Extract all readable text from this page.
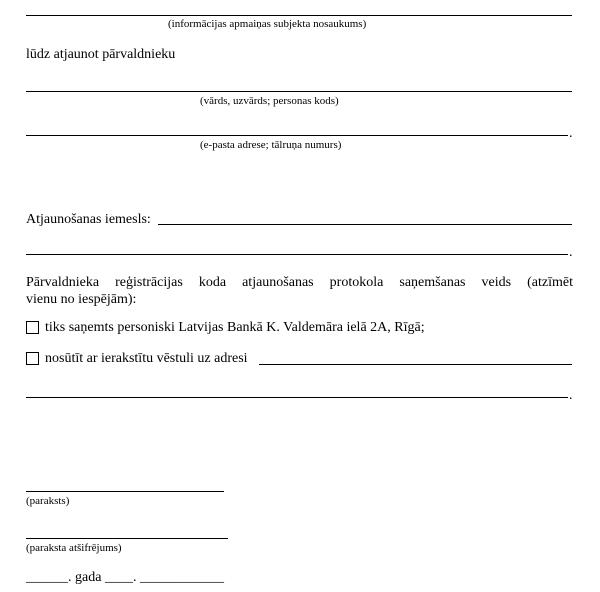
(informācijas apmaiņas subjekta nosaukums)
lūdz atjaunot pārvaldnieku
(vārds, uzvārds; personas kods)
.
(e-pasta adrese; tālruņa numurs)
Atjaunošanas iemesls:
.
Pārvaldnieka reģistrācijas koda atjaunošanas protokola saņemšanas veids (atzīmēt
vienu no iespējām):
tiks saņemts personiski Latvijas Bankā K. Valdemāra ielā 2A, Rīgā;
nosūtīt ar ierakstītu vēstuli uz adresi
.
(paraksts)
(paraksta atšifrējums)
______. gada ____. ____________
